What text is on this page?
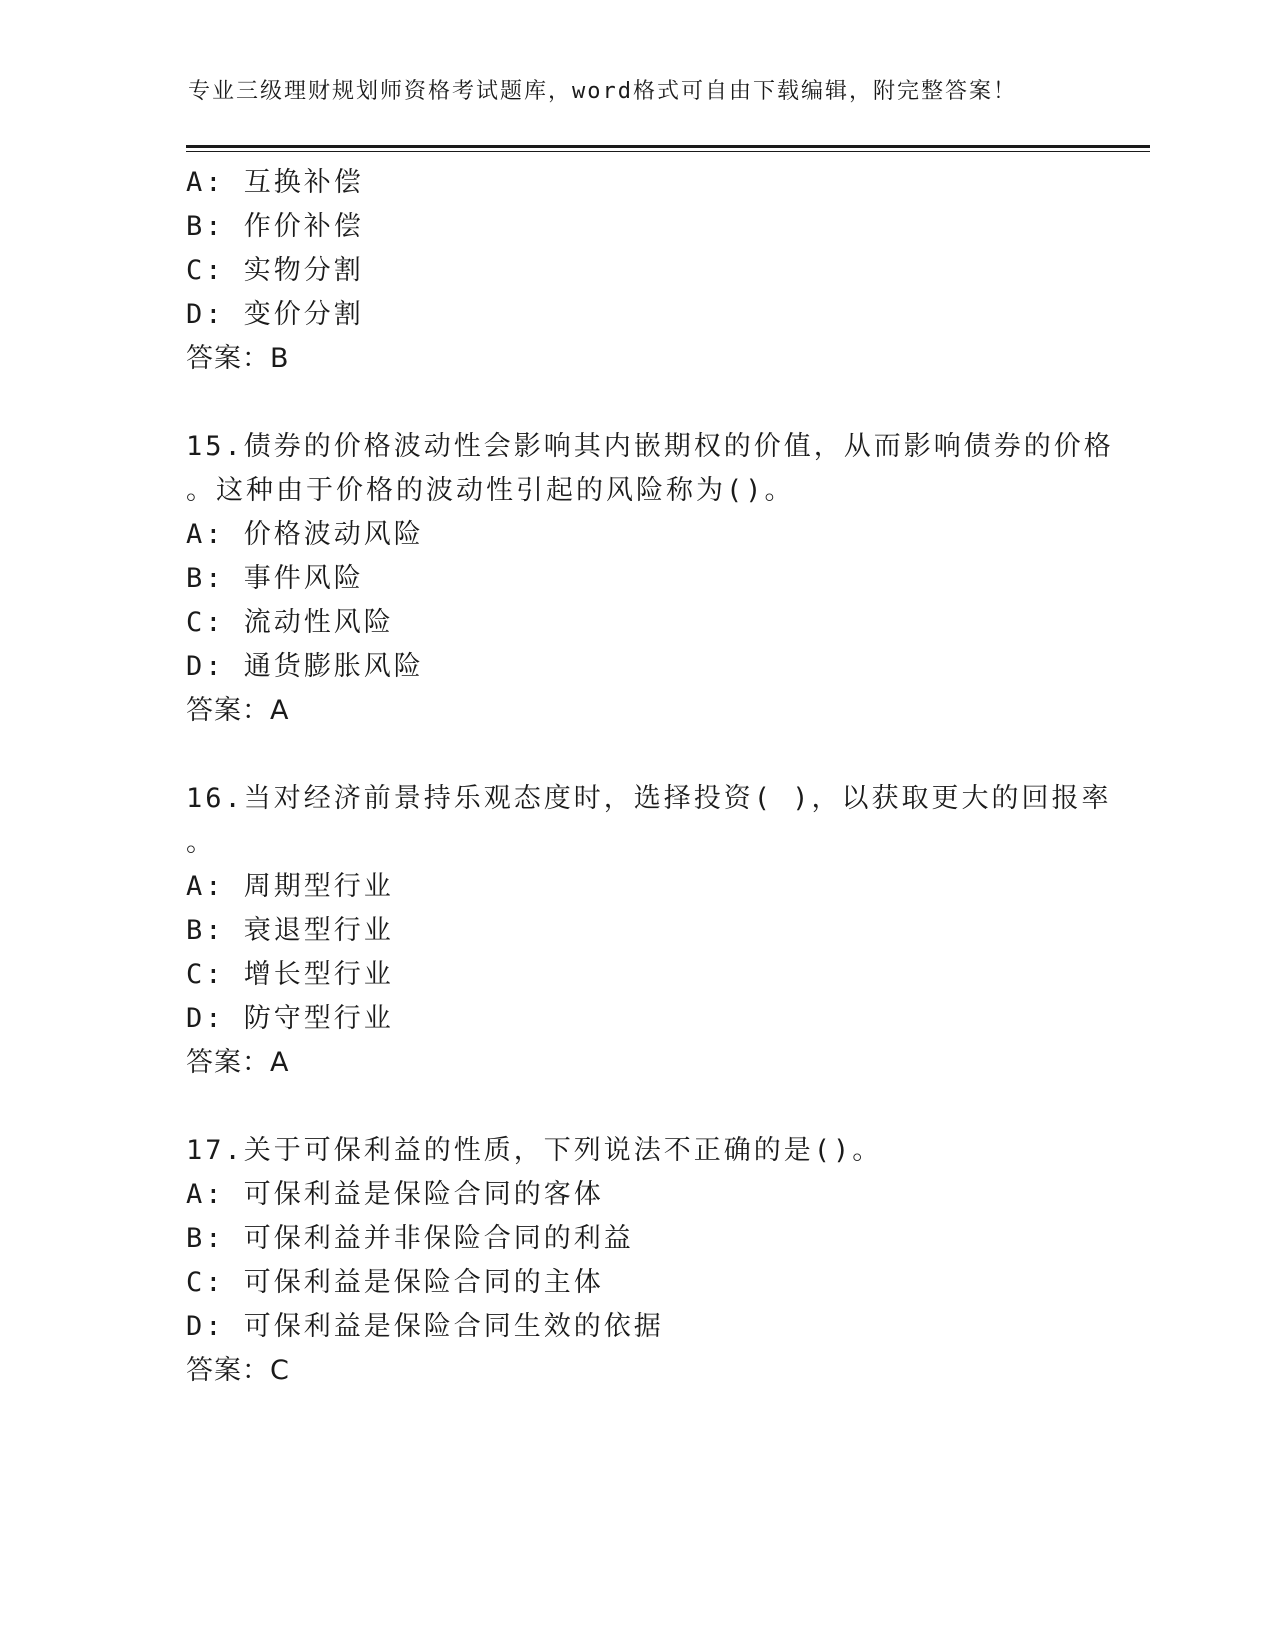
专业三级理财规划师资格考试题库，word格式可自由下载编辑，附完整答案！
A: 互换补偿
B: 作价补偿
C: 实物分割
D: 变价分割
答案：B
15.债券的价格波动性会影响其内嵌期权的价值，从而影响债券的价格
。这种由于价格的波动性引起的风险称为()。
A: 价格波动风险
B: 事件风险
C: 流动性风险
D: 通货膨胀风险
答案：A
16.当对经济前景持乐观态度时，选择投资( )，以获取更大的回报率
。
A: 周期型行业
B: 衰退型行业
C: 增长型行业
D: 防守型行业
答案：A
17.关于可保利益的性质，下列说法不正确的是()。
A: 可保利益是保险合同的客体
B: 可保利益并非保险合同的利益
C: 可保利益是保险合同的主体
D: 可保利益是保险合同生效的依据
答案：C
